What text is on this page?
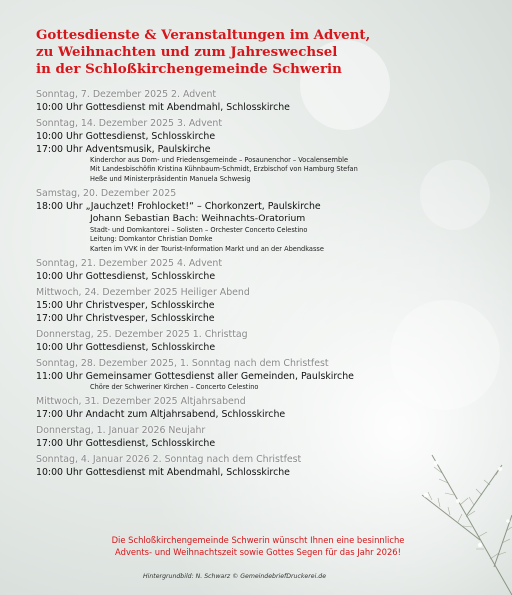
Gottesdienste & Veranstaltungen im Advent,
zu Weihnachten und zum Jahreswechsel
in der Schloßkirchengemeinde Schwerin
Sonntag, 7. Dezember 2025 2. Advent
10:00 Uhr Gottesdienst mit Abendmahl, Schlosskirche
Sonntag, 14. Dezember 2025 3. Advent
10:00 Uhr Gottesdienst, Schlosskirche
17:00 Uhr Adventsmusik, Paulskirche
Kinderchor aus Dom- und Friedensgemeinde – Posaunenchor – Vocalensemble
Mit Landesbischöfin Kristina Kühnbaum-Schmidt, Erzbischof von Hamburg Stefan
Heße und Ministerpräsidentin Manuela Schwesig
Samstag, 20. Dezember 2025
18:00 Uhr „Jauchzet! Frohlocket!“ – Chorkonzert, Paulskirche
Johann Sebastian Bach: Weihnachts-Oratorium
Stadt- und Domkantorei – Solisten – Orchester Concerto Celestino
Leitung: Domkantor Christian Domke
Karten im VVK in der Tourist-Information Markt und an der Abendkasse
Sonntag, 21. Dezember 2025 4. Advent
10:00 Uhr Gottesdienst, Schlosskirche
Mittwoch, 24. Dezember 2025 Heiliger Abend
15:00 Uhr Christvesper, Schlosskirche
17:00 Uhr Christvesper, Schlosskirche
Donnerstag, 25. Dezember 2025 1. Christtag
10:00 Uhr Gottesdienst, Schlosskirche
Sonntag, 28. Dezember 2025, 1. Sonntag nach dem Christfest
11:00 Uhr Gemeinsamer Gottesdienst aller Gemeinden, Paulskirche
Chöre der Schweriner Kirchen – Concerto Celestino
Mittwoch, 31. Dezember 2025 Altjahrsabend
17:00 Uhr Andacht zum Altjahrsabend, Schlosskirche
Donnerstag, 1. Januar 2026 Neujahr
17:00 Uhr Gottesdienst, Schlosskirche
Sonntag, 4. Januar 2026 2. Sonntag nach dem Christfest
10:00 Uhr Gottesdienst mit Abendmahl, Schlosskirche
Die Schloßkirchengemeinde Schwerin wünscht Ihnen eine besinnliche
Advents- und Weihnachtszeit sowie Gottes Segen für das Jahr 2026!
Hintergrundbild: N. Schwarz © GemeindebriefDruckerei.de
